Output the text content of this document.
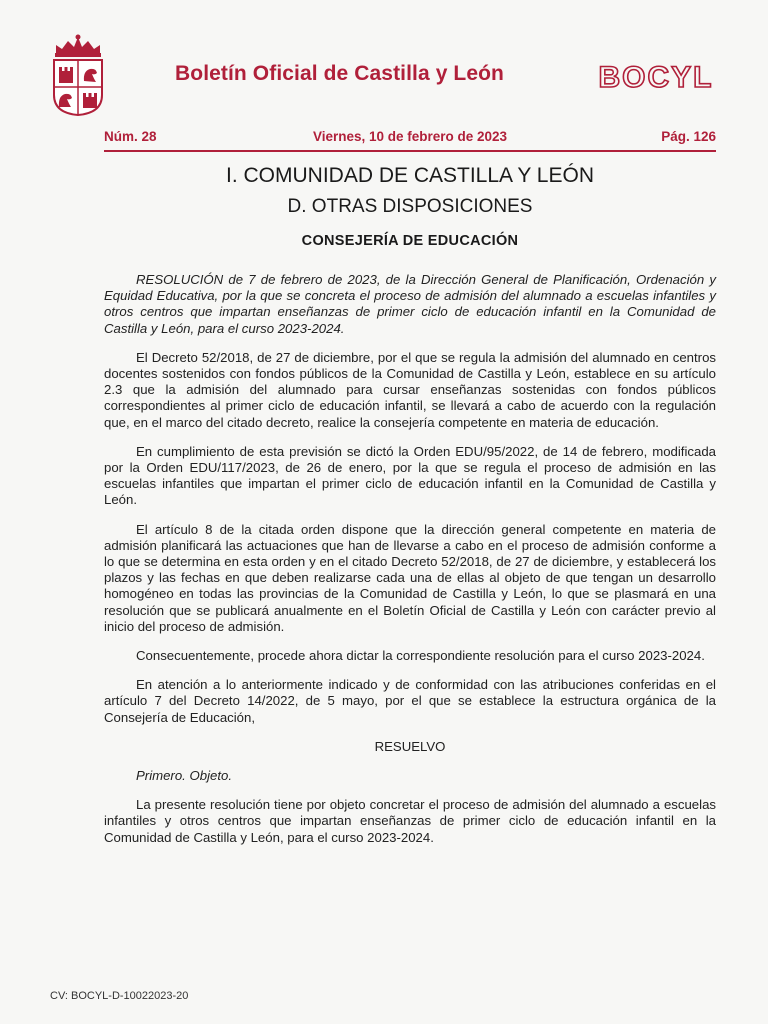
Boletín Oficial de Castilla y León	BOCYL
Núm. 28	Viernes, 10 de febrero de 2023	Pág. 126
I. COMUNIDAD DE CASTILLA Y LEÓN
D. OTRAS DISPOSICIONES
CONSEJERÍA DE EDUCACIÓN

RESOLUCIÓN de 7 de febrero de 2023, de la Dirección General de Planificación, Ordenación y Equidad Educativa, por la que se concreta el proceso de admisión del alumnado a escuelas infantiles y otros centros que impartan enseñanzas de primer ciclo de educación infantil en la Comunidad de Castilla y León, para el curso 2023-2024.

El Decreto 52/2018, de 27 de diciembre, por el que se regula la admisión del alumnado en centros docentes sostenidos con fondos públicos de la Comunidad de Castilla y León, establece en su artículo 2.3 que la admisión del alumnado para cursar enseñanzas sostenidas con fondos públicos correspondientes al primer ciclo de educación infantil, se llevará a cabo de acuerdo con la regulación que, en el marco del citado decreto, realice la consejería competente en materia de educación.

En cumplimiento de esta previsión se dictó la Orden EDU/95/2022, de 14 de febrero, modificada por la Orden EDU/117/2023, de 26 de enero, por la que se regula el proceso de admisión en las escuelas infantiles que impartan el primer ciclo de educación infantil en la Comunidad de Castilla y León.

El artículo 8 de la citada orden dispone que la dirección general competente en materia de admisión planificará las actuaciones que han de llevarse a cabo en el proceso de admisión conforme a lo que se determina en esta orden y en el citado Decreto 52/2018, de 27 de diciembre, y establecerá los plazos y las fechas en que deben realizarse cada una de ellas al objeto de que tengan un desarrollo homogéneo en todas las provincias de la Comunidad de Castilla y León, lo que se plasmará en una resolución que se publicará anualmente en el Boletín Oficial de Castilla y León con carácter previo al inicio del proceso de admisión.

Consecuentemente, procede ahora dictar la correspondiente resolución para el curso 2023-2024.

En atención a lo anteriormente indicado y de conformidad con las atribuciones conferidas en el artículo 7 del Decreto 14/2022, de 5 mayo, por el que se establece la estructura orgánica de la Consejería de Educación,

RESUELVO

Primero. Objeto.

La presente resolución tiene por objeto concretar el proceso de admisión del alumnado a escuelas infantiles y otros centros que impartan enseñanzas de primer ciclo de educación infantil en la Comunidad de Castilla y León, para el curso 2023-2024.

CV: BOCYL-D-10022023-20
